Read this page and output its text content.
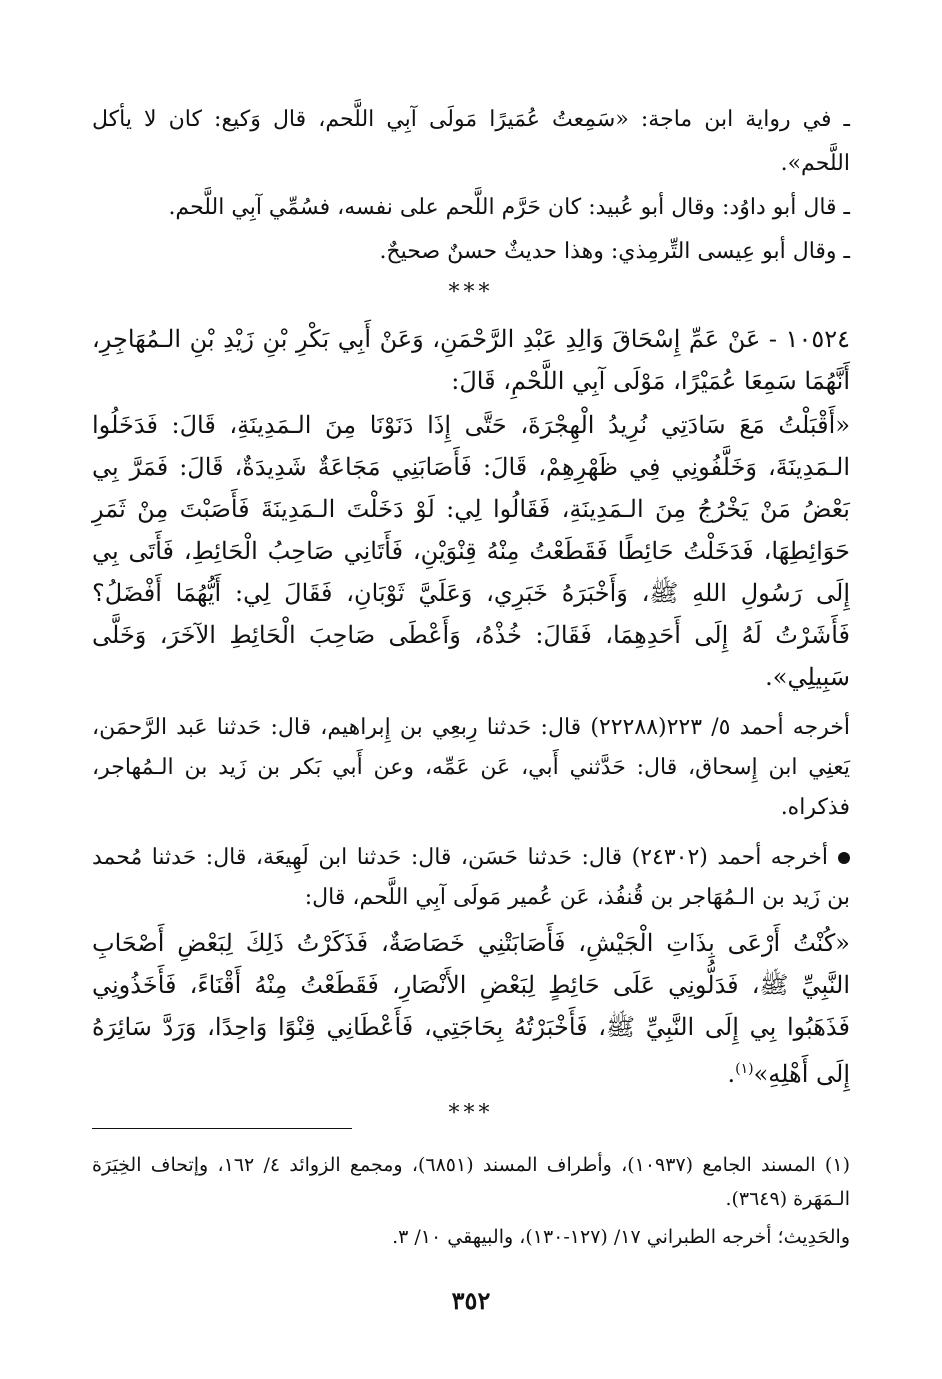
ـ في رواية ابن ماجة: «سَمِعتُ عُمَيرًا مَولَى آبِي اللَّحم، قال وَكيع: كان لا يأكل اللَّحم».

ـ قال أبو داوُد: وقال أبو عُبيد: كان حَرَّم اللَّحم على نفسه، فسُمِّي آبِي اللَّحم.

ـ وقال أبو عِيسى التِّرمِذي: وهذا حديثٌ حسنٌ صحيحٌ.

***

١٠٥٢٤ - عَنْ عَمِّ إِسْحَاقَ وَالِدِ عَبْدِ الرَّحْمَنِ، وَعَنْ أَبِي بَكْرِ بْنِ زَيْدِ بْنِ الـمُهَاجِرِ، أَنَّهُمَا سَمِعَا عُمَيْرًا، مَوْلَى آبِي اللَّحْمِ، قَالَ:

«أَقْبَلْتُ مَعَ سَادَتِي نُرِيدُ الْهِجْرَةَ، حَتَّى إِذَا دَنَوْنَا مِنَ الـمَدِينَةِ، قَالَ: فَدَخَلُوا الـمَدِينَةَ، وَخَلَّفُونِي فِي ظَهْرِهِمْ، قَالَ: فَأَصَابَنِي مَجَاعَةٌ شَدِيدَةٌ، قَالَ: فَمَرَّ بِي بَعْضُ مَنْ يَخْرُجُ مِنَ الـمَدِينَةِ، فَقَالُوا لِي: لَوْ دَخَلْتَ الـمَدِينَةَ فَأَصَبْتَ مِنْ ثَمَرِ حَوَائِطِهَا، فَدَخَلْتُ حَائِطًا فَقَطَعْتُ مِنْهُ قِنْوَيْنِ، فَأَتَانِي صَاحِبُ الْحَائِطِ، فَأَتَى بِي إِلَى رَسُولِ اللهِ ﷺ، وَأَخْبَرَهُ خَبَرِي، وَعَلَيَّ ثَوْبَانِ، فَقَالَ لِي: أَيُّهُمَا أَفْضَلُ؟ فَأَشَرْتُ لَهُ إِلَى أَحَدِهِمَا، فَقَالَ: خُذْهُ، وَأَعْطَى صَاحِبَ الْحَائِطِ الآخَرَ، وَخَلَّى سَبِيلِي».

أخرجه أحمد ٥/ ٢٢٣(٢٢٢٨٨) قال: حَدثنا رِبعِي بن إِبراهيم، قال: حَدثنا عَبد الرَّحمَن، يَعنِي ابن إِسحاق، قال: حَدَّثني أَبي، عَن عَمِّه، وعن أَبي بَكر بن زَيد بن الـمُهاجر، فذكراه.

أخرجه أحمد (٢٤٣٠٢) قال: حَدثنا حَسَن، قال: حَدثنا ابن لَهِيعَة، قال: حَدثنا مُحمد بن زَيد بن الـمُهَاجر بن قُنفُذ، عَن عُمير مَولَى آبِي اللَّحم، قال:

«كُنْتُ أَرْعَى بِذَاتِ الْجَيْشِ، فَأَصَابَتْنِي خَصَاصَةٌ، فَذَكَرْتُ ذَلِكَ لِبَعْضِ أَصْحَابِ النَّبِيِّ ﷺ، فَدَلُّونِي عَلَى حَائِطٍ لِبَعْضِ الأَنْصَارِ، فَقَطَعْتُ مِنْهُ أَقْنَاءً، فَأَخَذُونِي فَذَهَبُوا بِي إِلَى النَّبِيِّ ﷺ، فَأَخْبَرْتُهُ بِحَاجَتِي، فَأَعْطَانِي قِنْوًا وَاحِدًا، وَرَدَّ سَائِرَهُ إِلَى أَهْلِهِ»$^{(١)}$.

***

(١) المسند الجامع (١٠٩٣٧)، وأطراف المسند (٦٨٥١)، ومجمع الزوائد ٤/ ١٦٢، وإتحاف الخِيَرَة الـمَهَرة (٣٦٤٩).

والحَدِيث؛ أخرجه الطبراني ١٧/ (١٢٧-١٣٠)، والبيهقي ١٠/ ٣.

٣٥٢
